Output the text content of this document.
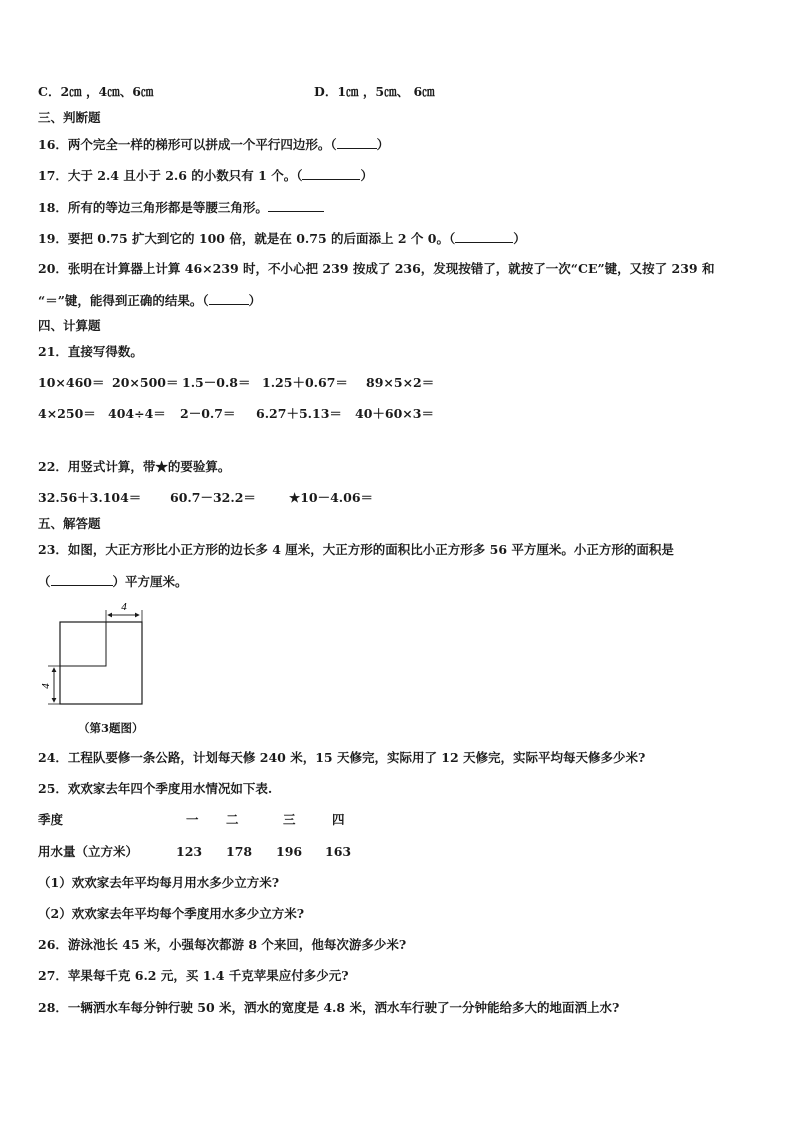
C．2㎝ ，4㎝、6㎝	D．1㎝ ，5㎝、 6㎝
三、判断题
16．两个完全一样的梯形可以拼成一个平行四边形。（	）
17．大于 2.4 且小于 2.6 的小数只有 1 个。（	）
18．所有的等边三角形都是等腰三角形。
19．要把 0.75 扩大到它的 100 倍，就是在 0.75 的后面添上 2 个 0。（	）
20．张明在计算器上计算 46×239 时，不小心把 239 按成了 236，发现按错了，就按了一次“CE”键，又按了 239 和
“＝”键，能得到正确的结果。（	）
四、计算题
21．直接写得数。
10×460＝ 20×500＝ 1.5－0.8＝ 1.25＋0.67＝ 89×5×2＝
4×250＝ 404÷4＝ 2－0.7＝ 6.27＋5.13＝ 40＋60×3＝
22．用竖式计算，带★的要验算。
32.56＋3.104＝ 60.7－32.2＝	★10－4.06＝
五、解答题
23．如图，大正方形比小正方形的边长多 4 厘米，大正方形的面积比小正方形多 56 平方厘米。小正方形的面积是
（	）平方厘米。
4
4
（第3题图）
24．工程队要修一条公路，计划每天修 240 米，15 天修完，实际用了 12 天修完，实际平均每天修多少米?
25．欢欢家去年四个季度用水情况如下表.
季度	一 二	三	四
用水量（立方米）	123 178 196 163
（1）欢欢家去年平均每月用水多少立方米?
（2）欢欢家去年平均每个季度用水多少立方米?
26．游泳池长 45 米，小强每次都游 8 个来回，他每次游多少米?
27．苹果每千克 6.2 元，买 1.4 千克苹果应付多少元?
28．一辆洒水车每分钟行驶 50 米，洒水的宽度是 4.8 米，洒水车行驶了一分钟能给多大的地面洒上水?
